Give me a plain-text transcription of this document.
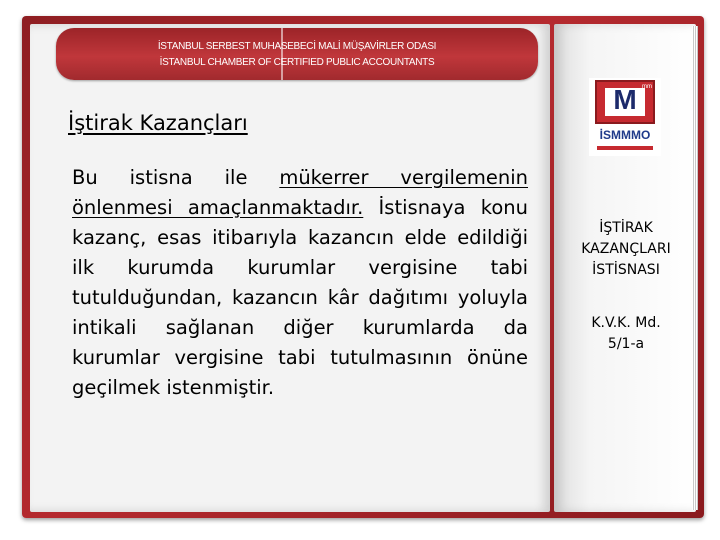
İSTANBUL SERBEST MUHASEBECİ MALİ MÜŞAVİRLER ODASI
İSTANBUL CHAMBER OF CERTIFIED PUBLIC ACCOUNTANTS
İştirak Kazançları

Bu istisna ile mükerrer vergilemenin önlenmesi amaçlanmaktadır. İstisnaya konu kazanç, esas itibarıyla kazancın elde edildiği ilk kurumda kurumlar vergisine tabi tutulduğundan, kazancın kâr dağıtımı yoluyla intikali sağlanan diğer kurumlarda da kurumlar vergisine tabi tutulmasının önüne geçilmek istenmiştir.

M mm
İSMMMO

İŞTİRAK
KAZANÇLARI
İSTİSNASI

K.V.K. Md.
5/1-a
